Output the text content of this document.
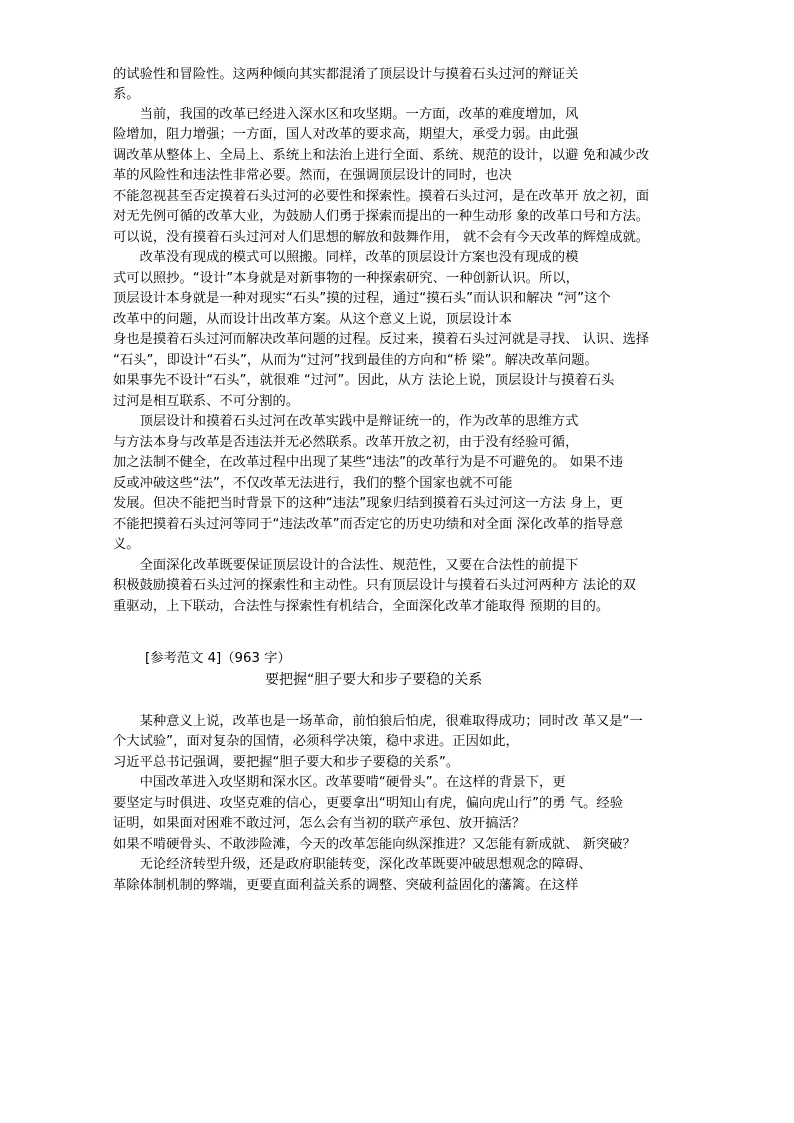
的试验性和冒险性。这两种倾向其实都混淆了顶层设计与摸着石头过河的辩证关
系。
　　当前，我国的改革已经进入深水区和攻坚期。一方面，改革的难度增加，风
险增加，阻力增强；一方面，国人对改革的要求高，期望大，承受力弱。由此强
调改革从整体上、全局上、系统上和法治上进行全面、系统、规范的设计，以避 免和减少改
革的风险性和违法性非常必要。然而，在强调顶层设计的同时，也决
不能忽视甚至否定摸着石头过河的必要性和探索性。摸着石头过河，是在改革开 放之初，面
对无先例可循的改革大业，为鼓励人们勇于探索而提出的一种生动形 象的改革口号和方法。
可以说，没有摸着石头过河对人们思想的解放和鼓舞作用， 就不会有今天改革的辉煌成就。
　　改革没有现成的模式可以照搬。同样，改革的顶层设计方案也没有现成的模
式可以照抄。“设计”本身就是对新事物的一种探索研究、一种创新认识。所以，
顶层设计本身就是一种对现实“石头”摸的过程，通过“摸石头”而认识和解决 “河”这个
改革中的问题，从而设计出改革方案。从这个意义上说，顶层设计本
身也是摸着石头过河而解决改革问题的过程。反过来，摸着石头过河就是寻找、 认识、选择
“石头”，即设计“石头”，从而为“过河”找到最佳的方向和“桥 梁”。解决改革问题。
如果事先不设计“石头”，就很难 “过河”。因此，从方 法论上说，顶层设计与摸着石头
过河是相互联系、不可分割的。
　　顶层设计和摸着石头过河在改革实践中是辩证统一的，作为改革的思维方式
与方法本身与改革是否违法并无必然联系。改革开放之初，由于没有经验可循，
加之法制不健全，在改革过程中出现了某些“违法”的改革行为是不可避免的。 如果不违
反或冲破这些“法”，不仅改革无法进行，我们的整个国家也就不可能
发展。但决不能把当时背景下的这种“违法”现象归结到摸着石头过河这一方法 身上，更
不能把摸着石头过河等同于“违法改革”而否定它的历史功绩和对全面 深化改革的指导意
义。
　　全面深化改革既要保证顶层设计的合法性、规范性，又要在合法性的前提下
积极鼓励摸着石头过河的探索性和主动性。只有顶层设计与摸着石头过河两种方 法论的双
重驱动，上下联动，合法性与探索性有机结合，全面深化改革才能取得 预期的目的。
[参考范文 4]（963 字）
要把握“胆子要大和步子要稳的关系
　　某种意义上说，改革也是一场革命，前怕狼后怕虎，很难取得成功；同时改 革又是“一
个大试验”，面对复杂的国情，必须科学决策，稳中求进。正因如此，
习近平总书记强调，要把握“胆子要大和步子要稳的关系”。
　　中国改革进入攻坚期和深水区。改革要啃“硬骨头”。在这样的背景下，更
要坚定与时俱进、攻坚克难的信心，更要拿出“明知山有虎，偏向虎山行”的勇 气。经验
证明，如果面对困难不敢过河，怎么会有当初的联产承包、放开搞活？
如果不啃硬骨头、不敢涉险滩，今天的改革怎能向纵深推进？又怎能有新成就、 新突破？
　　无论经济转型升级，还是政府职能转变，深化改革既要冲破思想观念的障碍、
革除体制机制的弊端，更要直面利益关系的调整、突破利益固化的藩篱。在这样
